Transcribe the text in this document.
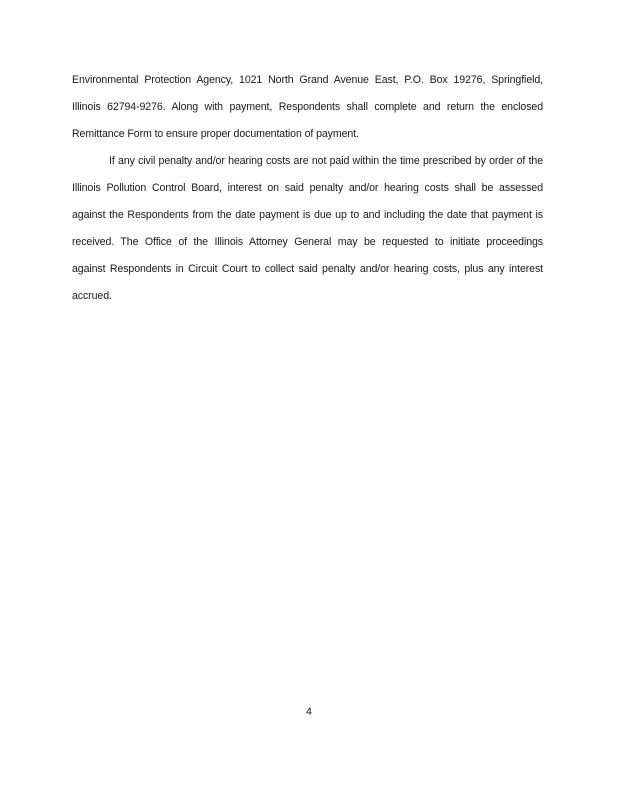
Environmental Protection Agency, 1021 North Grand Avenue East, P.O. Box 19276, Springfield,
Illinois 62794-9276. Along with payment, Respondents shall complete and return the enclosed
Remittance Form to ensure proper documentation of payment.
If any civil penalty and/or hearing costs are not paid within the time prescribed by order of the
Illinois Pollution Control Board, interest on said penalty and/or hearing costs shall be assessed
against the Respondents from the date payment is due up to and including the date that payment is
received. The Office of the Illinois Attorney General may be requested to initiate proceedings
against Respondents in Circuit Court to collect said penalty and/or hearing costs, plus any interest
accrued.
4
